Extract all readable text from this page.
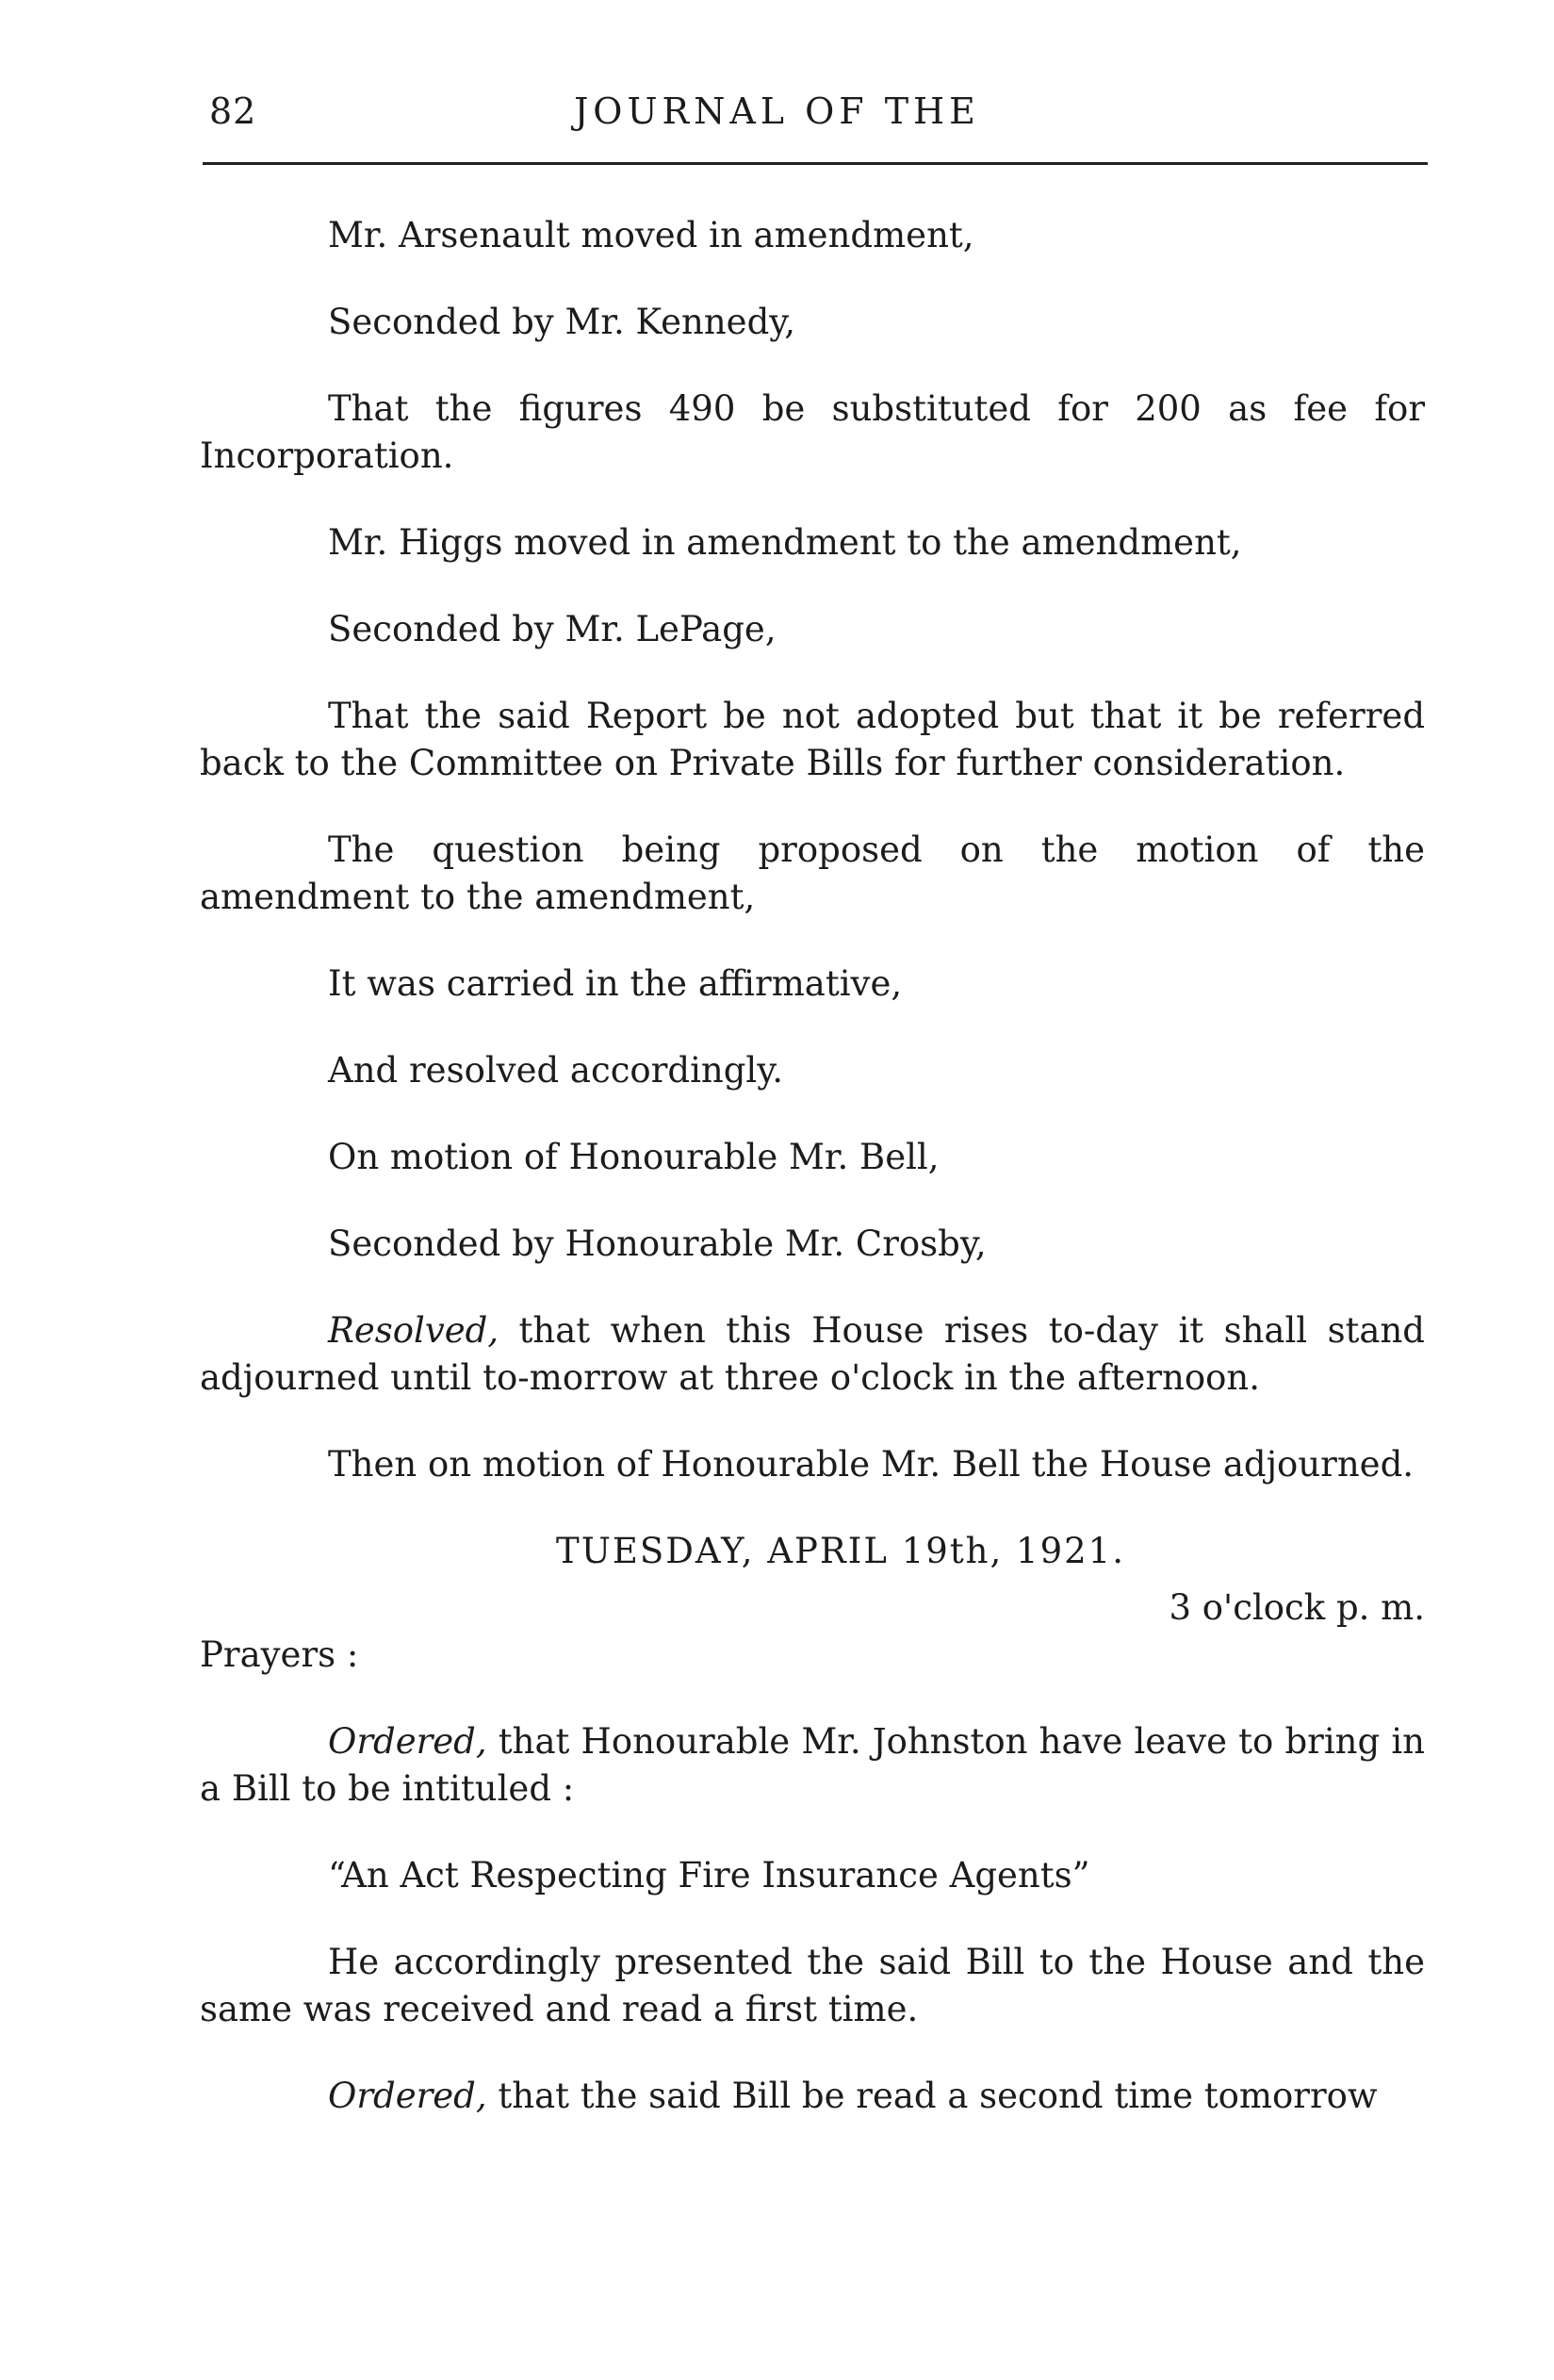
82	JOURNAL OF THE

Mr. Arsenault moved in amendment,

Seconded by Mr. Kennedy,

That the figures 490 be substituted for 200 as fee for Incorporation.

Mr. Higgs moved in amendment to the amendment,

Seconded by Mr. LePage,

That the said Report be not adopted but that it be referred back to the Committee on Private Bills for further consideration.

The question being proposed on the motion of the amendment to the amendment,

It was carried in the affirmative,

And resolved accordingly.

On motion of Honourable Mr. Bell,

Seconded by Honourable Mr. Crosby,

Resolved, that when this House rises to-day it shall stand adjourned until to-morrow at three o'clock in the afternoon.

Then on motion of Honourable Mr. Bell the House adjourned.

TUESDAY, APRIL 19th, 1921.
3 o'clock p. m.
Prayers :

Ordered, that Honourable Mr. Johnston have leave to bring in a Bill to be intituled :

“An Act Respecting Fire Insurance Agents”

He accordingly presented the said Bill to the House and the same was received and read a first time.

Ordered, that the said Bill be read a second time tomorrow
